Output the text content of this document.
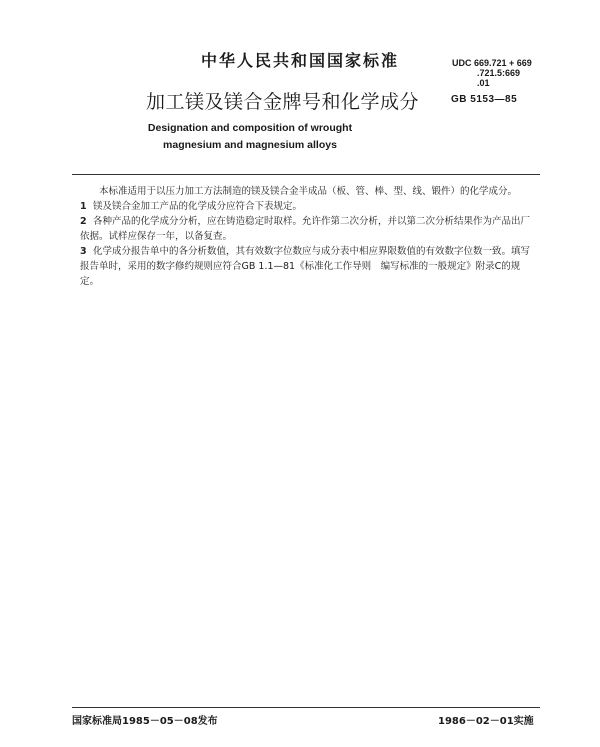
中华人民共和国国家标准	UDC 669.721 + 669
.721.5:669
.01
加工镁及镁合金牌号和化学成分	GB 5153—85
Designation and composition of wrought
magnesium and magnesium alloys

本标准适用于以压力加工方法制造的镁及镁合金半成品（板、管、棒、型、线、锻件）的化学成分。

1 镁及镁合金加工产品的化学成分应符合下表规定。

2 各种产品的化学成分分析，应在铸造稳定时取样。允许作第二次分析，并以第二次分析结果作为产品出厂依据。试样应保存一年，以备复查。

3 化学成分报告单中的各分析数值，其有效数字位数应与成分表中相应界限数值的有效数字位数一致。填写报告单时，采用的数字修约规则应符合GB 1.1—81《标准化工作导则　编写标准的一般规定》附录C的规定。

国家标准局1985－05－08发布	1986－02－01实施
